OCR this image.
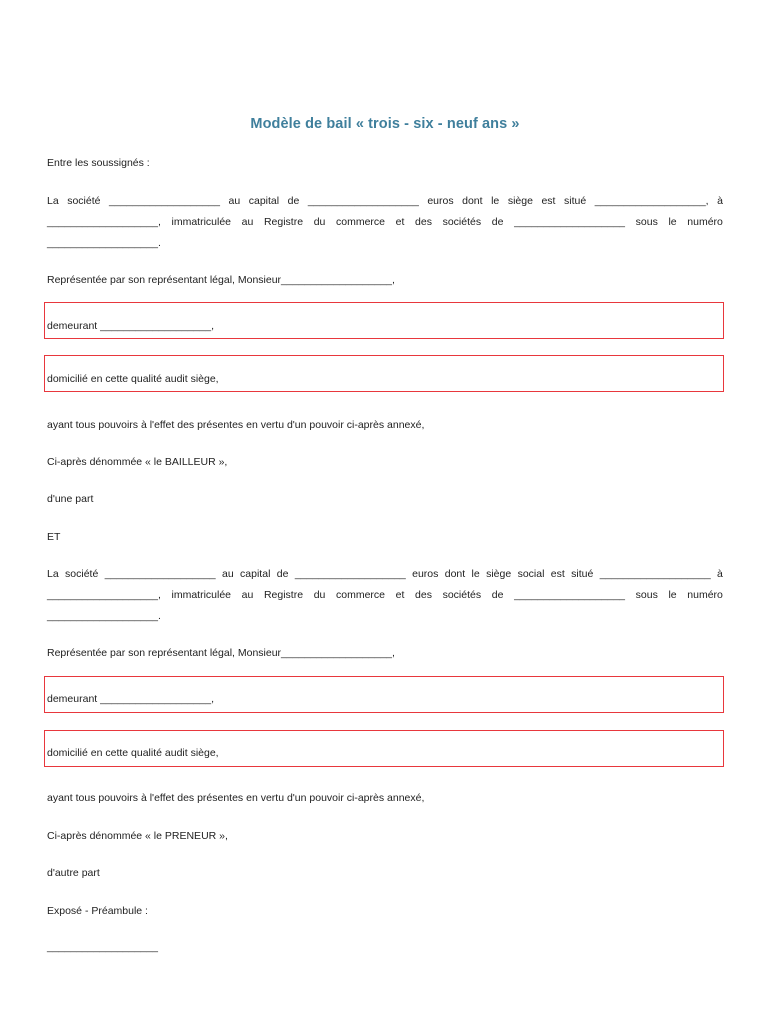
Modèle de bail « trois - six - neuf ans »
Entre les soussignés :
La société ___________________ au capital de ___________________ euros dont le siège est situé ___________________, à
___________________, immatriculée au Registre du commerce et des sociétés de ___________________ sous le numéro
___________________.
Représentée par son représentant légal, Monsieur___________________,
demeurant ___________________,
domicilié en cette qualité audit siège,
ayant tous pouvoirs à l'effet des présentes en vertu d'un pouvoir ci-après annexé,
Ci-après dénommée « le BAILLEUR »,
d'une part
ET
La société ___________________ au capital de ___________________ euros dont le siège social est situé ___________________ à
___________________, immatriculée au Registre du commerce et des sociétés de ___________________ sous le numéro
___________________.
Représentée par son représentant légal, Monsieur___________________,
demeurant ___________________,
domicilié en cette qualité audit siège,
ayant tous pouvoirs à l'effet des présentes en vertu d'un pouvoir ci-après annexé,
Ci-après dénommée « le PRENEUR »,
d'autre part
Exposé - Préambule :
___________________
